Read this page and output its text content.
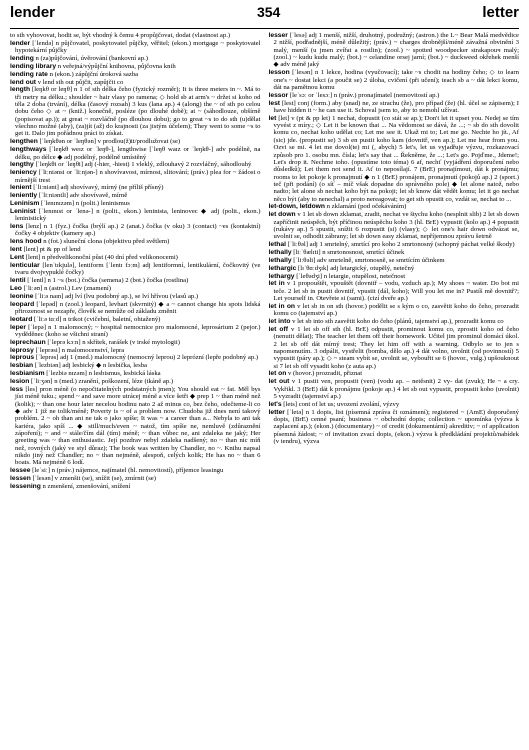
lender	354	letter

to sth vyhovovat, hodit se, být vhodný k čemu 4 propůjčovat, dodat (vlastnost ap.)

lender [ˈlendə] n půjčovatel, poskytovatel půjčky, věřitel; (ekon.) mortgage ~ poskytovatel hypotekární půjčky

lending n (za)půjčování, úvěrování (bankovní ap.)

lending library n veřejná/výpůjční knihovna, půjčovna knih

lending rate n (ekon.) zápůjční úroková sazba

lend out v lend sth out půjčit, zapůjčit co

length [leŋkθ or leŋθ] n 1 of sth délka čeho (fyzický rozměr); It is three meters in ~. Má to tři metry na délku.; shoulder ~ hair vlasy po ramena; ◇ hold sb at arm's ~ držet si koho od těla 2 doba (trvání), délka (časový rozsah) 3 kus (lana ap.) 4 (along) the ~ of sth po celou dobu čeho ◇ at ~ (kniž.) konečně, posléze (po dlouhé době); at ~ (sáhodlouze, obšírně (popisovat ap.)); at great ~ rozvláčně (po dlouhou dobu); go to great ~s to do sth (u)dělat všechno možné (aby), (za)jít (až) do krajnosti (za jistým účelem); They went to some ~s to get it. Dalo jim pořádnou práci to získat.

lengthen [ˈleŋkθən or ˈleŋθən] v prodlou(ž)it/prodlužovat (se)

lengthways [ˈleŋkθ weɪz or ˈleŋθ-], lengthwise [ˈleŋθ waɪz or ˈleŋkθ-] adv podélně, na délku, po délce ◆ adj podélný, podélně umístěný

lengthy [ˈleŋkθi or ˈleŋθi] adj (-hier, -hiest) 1 vleklý, zdlouhavý 2 rozvláčný, sáhodlouhý

leniency [ˈliːniənsi or ˈliːnjən-] n shovívavost, mírnost, slitování; (práv.) plea for ~ žádost o mírnější trest

lenient [ˈliːniənt] adj shovívavý, mírný (ne příliš přísný)

leniently [ˈliːniəntli] adv shovívavě, mírně

Leninism [ˈlenɪnɪzəm] n (polit.) leninismus

Leninist [ˈlenɪnɪst or ˈlenə-] n (polit., ekon.) leninista, leninovec ◆ adj (polit., ekon.) leninistický

lens [lenz] n 1 (fyz.) čočka (brýlí ap.) 2 (anat.) čočka (v oku) 3 (contact) ~es (kontaktní) čočky 4 objektiv (kamery ap.)

lens hood n (fot.) sluneční clona (objektivu před světlem)

lent [lent] pt & pp of lend

Lent [lent] n předvelikonoční půst (40 dní před velikonocemi)

lenticular [lenˈtɪkjulə], lentiform [ˈlentɪ fɔːm] adj lentiformní, lentikulární, čočkovitý (ve tvaru dvojvypuklé čočky)

lentil [ˈlentl] n 1 ~s (bot.) čočka (semena) 2 (bot.) čočka (rostlina)

Leo [ˈliːəʊ] n (astrol.) Lev (znamení)

leonine [ˈliːə naɪn] adj lví (lvu podobný ap.), se lví hřívou (vlasů ap.)

leopard [ˈlepəd] n (zool.) leopard, levhart (skvrnitý) ◆ a ~ cannot change his spots lidská přirozenost se nezapře, člověk se nemůže od základu změnit

leotard [ˈliːə tɑːd] n trikot (cvičební, baletní, ohtažený)

leper [ˈlepə] n 1 malomocný; ~ hospital nemocnice pro malomocné, leprosárium 2 (pejor.) vyděděnec (koho se všichni straní)

leprechaun [ˈleprə kɔːn] n skřítek, rarášek (v irské mytologii)

leprosy [ˈleprəsi] n malomocenství, lepra

leprous [ˈleprəs] adj 1 (med.) malomocný (nemocný leprou) 2 leprózní (lepře podobný ap.)

lesbian [ˈlezbiən] adj lesbický ◆ n lesbička, lesba

lesbianism [ˈlezbiə nɪzəm] n lesbismus, lesbická láska

lesion [ˈliːʒən] n (med.) zranění, poškození, léze (tkáně ap.)

less [les] pron méně (o nepočitatelných podstatných jmen); You should eat ~ fat. Měl bys jíst méně tuku.; spend ~ and save more utrácej méně a více šetři ◆ prep 1 ~ than méně než (kolik); ~ than one hour later necelou hodinu nato 2 až minus co, bez čeho, odečteme-li co ◆ adv 1 již ne tolik/méně; Poverty is ~ of a problem now. Chudoba již dnes není takový problém. 2 ~ oh than ani ne tak o jako spíše; It was ~ a career than a... Nebyla to ani tak kariéra, jako spíš ... ◆ still/much/even ~ natož, tím spíše ne, nemluvě (zdůraznění zápoření); ~ and ~ stále/čím dál (tím) méně; ~ than vůbec ne, ani zdaleka ne jaký; Her greeting was ~ than enthusiastic. Její pozdrav nebyl zdaleka nadšený; no ~ than nic míň než, rovných (jaký ve styl důraz); The book was written by Chandler, no ~. Knihu napsal nikdo jiný než Chandler; no ~ than nejméně, alespoň, celých kolik; He has no ~ than 6 boats. Má nejméně 6 lodí.

lessee [leˈsiː] n (práv.) nájemce, najímatel (hl. nemovitostí), příjemce leasingu

lessen [ˈlesən] v zmenšit (se), snížit (se), zmírnit (se)

lessening n zmenšení, zmenšování, snížení

lesser [ˈlesə] adj 1 menší, nižší, druhotný, podružný; (astron.) the L~ Bear Malá medvědice 2 nižší, podřadnější, méně důležitý; (práv.) ~ charges drobnější/méně závažná obvinění 3 malý, menší (u jmen zvířat a rostlin); (zool.) ~ spotted woodpecker strakapouч malý; (zool.) ~ kudu kudu malý; (bot.) ~ celandine orsej jarní; (bot.) ~ duckweed okřehek menší ◆ adv méně jaký

lesson [ˈlesən] n 1 lekce, hodina (vyučovací); take ~s chodit na hodiny čeho; ◇ to learn one's ~ dostat lekci (a poučit se) 2 úloha, cvičení (při učení); teach sb a ~ dát lekci komu, dát na pamětnou komu

lessor [leˈsɔː or ˈlesɔː] n (práv.) pronajímatel (nemovitostí ap.)

lest [lest] conj (form.) aby (snad) ne, ze strachu (že), pro případ (že) (hl. účel se zápisem); I have hidden it ~ he can use it. Schoval jsem to, aby to nemohl užívat.

let [let] v (pt & pp let) 1 nechat, dopustit (co stát se ap.); Don't let it upset you. Nedej se tím vyvést z míry.; ◇ Let it be known that ... Na vědomost se dává, že ...; ~ sb do sth dovolit komu co, nechat koho udělat co; Let me see it. Ukaž mi to; Let me go. Nechte ho jít., Af (sic) jde. (propustit se) 3 sb en pustit koho kam (dovnitř, ven ap.); Let me hear from you. Ozvi se mi. 4 let me dovol(te) mi (, abych) 5 let's, let us vyjadřuje výzvu, rozkazovací způsob pro 1. osobu mn. čísla; let's say that ... Řekněme, že ...; Let's go. Pojďme., Jdeme!; Let's drop it. Nechme toho. (opustíme toto téma) 6 af, nechť (vyjádření doporučení nebo důsledků); Let them not send it. Ať to neposílají. 7 (BrE) pronajímout, dát k pronájmu; rooms to let pokoje k pronajmutí ◆ n 1 (BrE) pronájem, pronajmutí (pokojů ap.) 2 (sport.) teč (při podání) (o síť – míč však dopadne do správného pole) ◆ let alone natož, nebo nadto; let alone sb nechat koho být na pokoji; let sb know dát vědět komu; let it go nechat něco být (aby to nenechal) a proto nereagovat; to get sth opustit co, vzdát se, nechat to ...

let-down, letdown n zklamání (pod očekáváním)

let down v 1 let sb down zklamat, zradit, nechat ve štychu koho (nesplnit slib) 2 let sb down zapříčinit neúspěch, být příčinou neúspěchu koho 3 (hl. BrE) vypustit (kolo ap.) 4 popustit (rukávy ap.) 5 spustit, snížit 6 rozpustit (si) (vlasy); ◇ let one's hair down odvázat se, uvolnit se, odhodit zábrany; let sb down easy zklamat, nepříjemnou zprávu šetrně

lethal [ˈliːθəl] adj 1 smrtelný, smrtící pro koho 2 smrtonosný (schopný páchat velké škody)

lethally [liːˈθælɪti] n smrtonosnost, smrtící účinek

lethally [ˈliːθəli] adv smrtelně, smrtonosně, se smrtícím účinkem

lethargic [lɪˈθɑːdʒɪk] adj letargický, otupělý, netečný

lethargy [ˈleθədʒi] n letargie, otupělost, netečnost

let in v 1 propouštět, vpouštět (dovnitř – vodu, vzduch ap.); My shoes ~ water. Do bot mi teče. 2 let sb in pustit dovnitř, vpustit (dál, koho); Will you let me in? Pustíš mě dovnitř?; Let yourself in. Otevřete si (sami). (cizí dveře ap.)

let in on v let sb in on sth (hovor.) podělit se s kým o co, zasvětit koho do čeho, prozradit komu co (tajemství ap.)

let into v let sb into sth zasvětit koho do čeho (plánů, tajemství ap.), prozradit komu co

let off v 1 let sb off sth (hl. BrE) odpustit, prominout komu co, zprostit koho od čeho (nenutit dělat); The teacher let them off their homework. Učitel jim prominul domácí úkol. 2 let sb off dát mírný trest; They let him off with a warning. Odbylo se to jen s napomenutím. 3 odpálit, vystřelit (bomba, dělo ap.) 4 dát volno, uvolnit (od povinností) 5 vypustit (páry ap.); ◇ ~ steam vybít se, uvolnit se, vybouřit se 6 (hovor., vulg.) upšouknout si 7 let sb off vysadit koho (z auta ap.)

let on v (hovor.) prozradit, přiznat

let out v 1 pustit ven, propustit (ven) (vodu ap. – netěsnit) 2 vy- dat (zvuk); He ~ a cry. Vykřikl. 3 (BrE) dát k pronájmu (pokoje ap.) 4 let sb out vypustit, propustit koho (uvolnit) 5 vyzradit (tajemství ap.)

let's [lets] cont of let us; uvození zvolání, výzvy

letter [ˈletə] n 1 dopis, list (písemná zpráva či oznámení); registered ~ (AmE) doporučený dopis, (BrE) cenné psaní; business ~ obchodní dopis; collection ~ upomínka (výzva k zaplacení ap.); (ekon.) (documentary) ~ of credit (dokumentární) akreditiv; ~ of application písemná žádost; ~ of invitation zvací dopis, (ekon.) výzva k předkládání projektů/nabídek (v tendru), výzva
